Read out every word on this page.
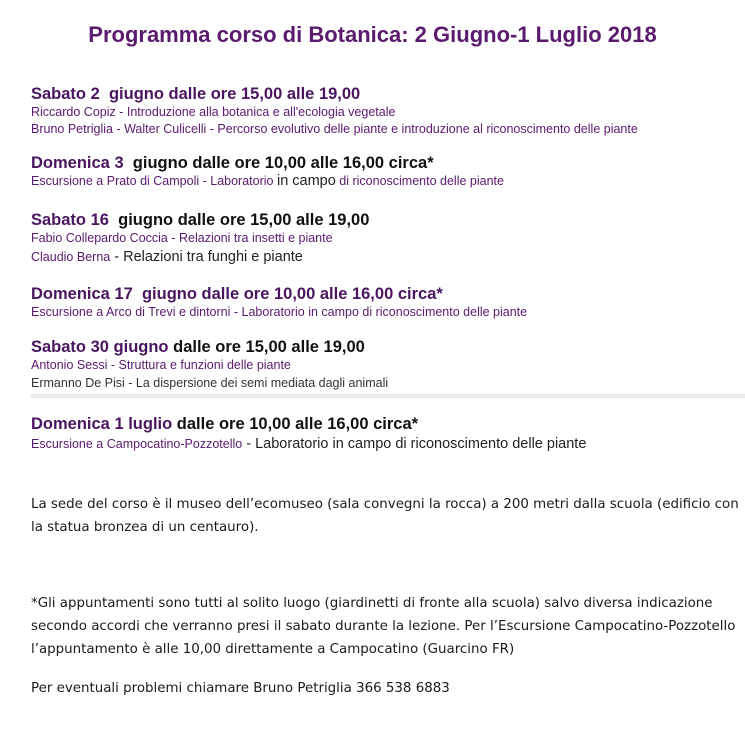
Programma corso di Botanica: 2 Giugno-1 Luglio 2018
Sabato 2 giugno dalle ore 15,00 alle 19,00
Riccardo Copiz - Introduzione alla botanica e all'ecologia vegetale
Bruno Petriglia - Walter Culicelli - Percorso evolutivo delle piante e introduzione al riconoscimento delle piante
Domenica 3 giugno dalle ore 10,00 alle 16,00 circa*
Escursione a Prato di Campoli - Laboratorio in campo di riconoscimento delle piante
Sabato 16 giugno dalle ore 15,00 alle 19,00
Fabio Collepardo Coccia - Relazioni tra insetti e piante
Claudio Berna - Relazioni tra funghi e piante
Domenica 17 giugno dalle ore 10,00 alle 16,00 circa*
Escursione a Arco di Trevi e dintorni - Laboratorio in campo di riconoscimento delle piante
Sabato 30 giugno dalle ore 15,00 alle 19,00
Antonio Sessi - Struttura e funzioni delle piante
Ermanno De Pisi - La dispersione dei semi mediata dagli animali
Domenica 1 luglio dalle ore 10,00 alle 16,00 circa*
Escursione a Campocatino-Pozzotello - Laboratorio in campo di riconoscimento delle piante
La sede del corso è il museo dell’ecomuseo (sala convegni la rocca) a 200 metri dalla scuola (edificio con la statua bronzea di un centauro).
*Gli appuntamenti sono tutti al solito luogo (giardinetti di fronte alla scuola) salvo diversa indicazione secondo accordi che verranno presi il sabato durante la lezione. Per l’Escursione Campocatino-Pozzotello l’appuntamento è alle 10,00 direttamente a Campocatino (Guarcino FR)
Per eventuali problemi chiamare Bruno Petriglia 366 538 6883
